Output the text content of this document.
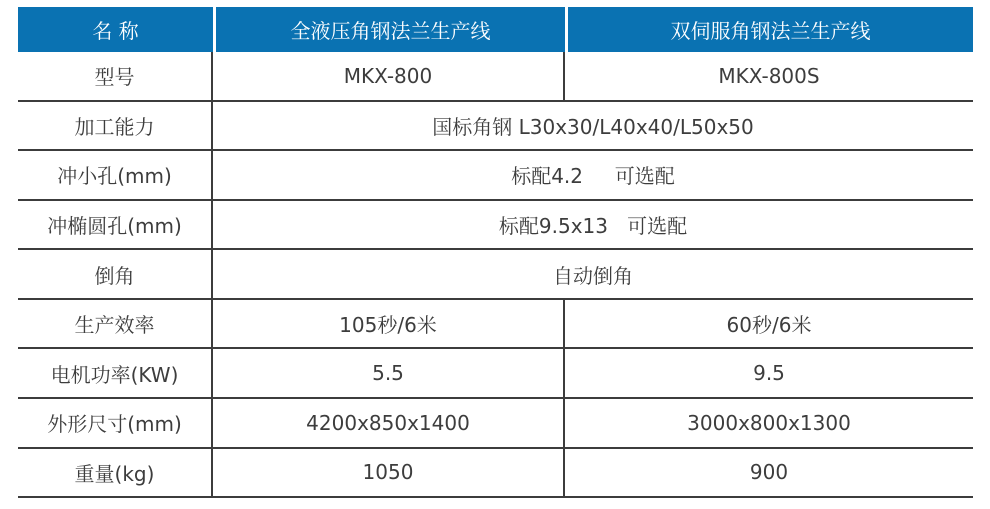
名 称	全液压角钢法兰生产线	双伺服角钢法兰生产线
型号	MKX-800	MKX-800S
加工能力	国标角钢 L30x30/L40x40/L50x50
冲小孔(mm)	标配4.2     可选配
冲椭圆孔(mm)	标配9.5x13   可选配
倒角	自动倒角
生产效率	105秒/6米	60秒/6米
电机功率(KW)	5.5	9.5
外形尺寸(mm)	4200x850x1400	3000x800x1300
重量(kg)	1050	900
